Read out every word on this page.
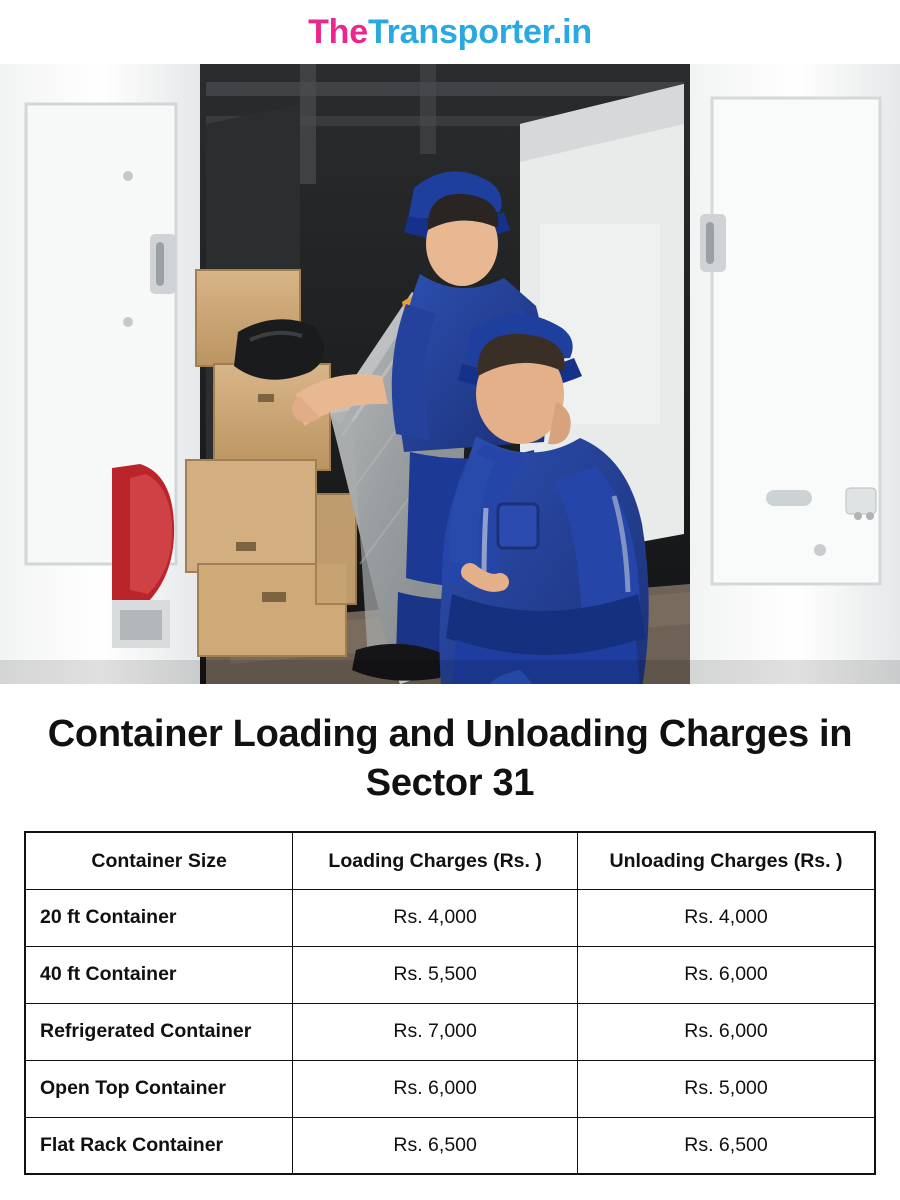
TheTransporter.in
Container Loading and Unloading Charges in Sector 31
Container Size	Loading Charges (Rs. )	Unloading Charges (Rs. )
20 ft Container	Rs. 4,000	Rs. 4,000
40 ft Container	Rs. 5,500	Rs. 6,000
Refrigerated Container	Rs. 7,000	Rs. 6,000
Open Top Container	Rs. 6,000	Rs. 5,000
Flat Rack Container	Rs. 6,500	Rs. 6,500
